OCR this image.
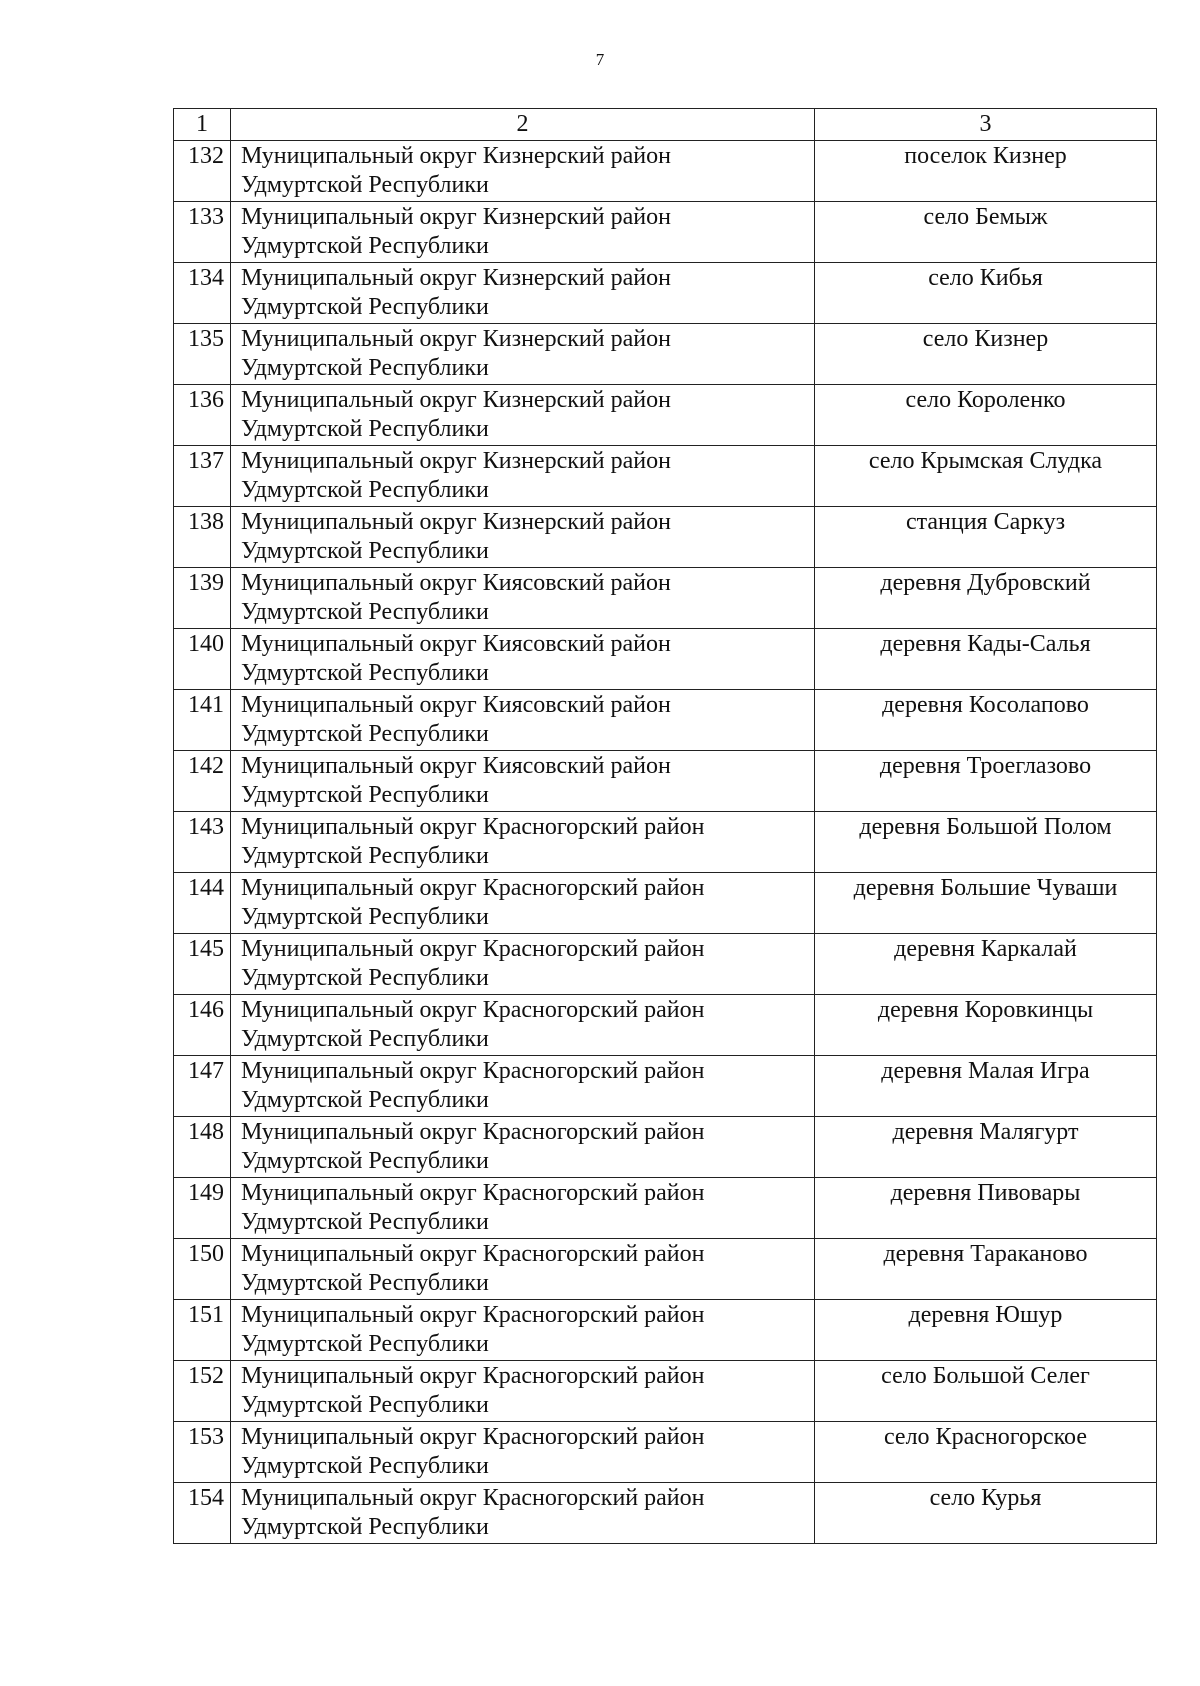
7
1	2	3
132	Муниципальный округ Кизнерский район
Удмуртской Республики	поселок Кизнер
133	Муниципальный округ Кизнерский район
Удмуртской Республики	село Бемыж
134	Муниципальный округ Кизнерский район
Удмуртской Республики	село Кибья
135	Муниципальный округ Кизнерский район
Удмуртской Республики	село Кизнер
136	Муниципальный округ Кизнерский район
Удмуртской Республики	село Короленко
137	Муниципальный округ Кизнерский район
Удмуртской Республики	село Крымская Слудка
138	Муниципальный округ Кизнерский район
Удмуртской Республики	станция Саркуз
139	Муниципальный округ Киясовский район
Удмуртской Республики	деревня Дубровский
140	Муниципальный округ Киясовский район
Удмуртской Республики	деревня Кады-Салья
141	Муниципальный округ Киясовский район
Удмуртской Республики	деревня Косолапово
142	Муниципальный округ Киясовский район
Удмуртской Республики	деревня Троеглазово
143	Муниципальный округ Красногорский район
Удмуртской Республики	деревня Большой Полом
144	Муниципальный округ Красногорский район
Удмуртской Республики	деревня Большие Чуваши
145	Муниципальный округ Красногорский район
Удмуртской Республики	деревня Каркалай
146	Муниципальный округ Красногорский район
Удмуртской Республики	деревня Коровкинцы
147	Муниципальный округ Красногорский район
Удмуртской Республики	деревня Малая Игра
148	Муниципальный округ Красногорский район
Удмуртской Республики	деревня Малягурт
149	Муниципальный округ Красногорский район
Удмуртской Республики	деревня Пивовары
150	Муниципальный округ Красногорский район
Удмуртской Республики	деревня Тараканово
151	Муниципальный округ Красногорский район
Удмуртской Республики	деревня Юшур
152	Муниципальный округ Красногорский район
Удмуртской Республики	село Большой Селег
153	Муниципальный округ Красногорский район
Удмуртской Республики	село Красногорское
154	Муниципальный округ Красногорский район
Удмуртской Республики	село Курья
